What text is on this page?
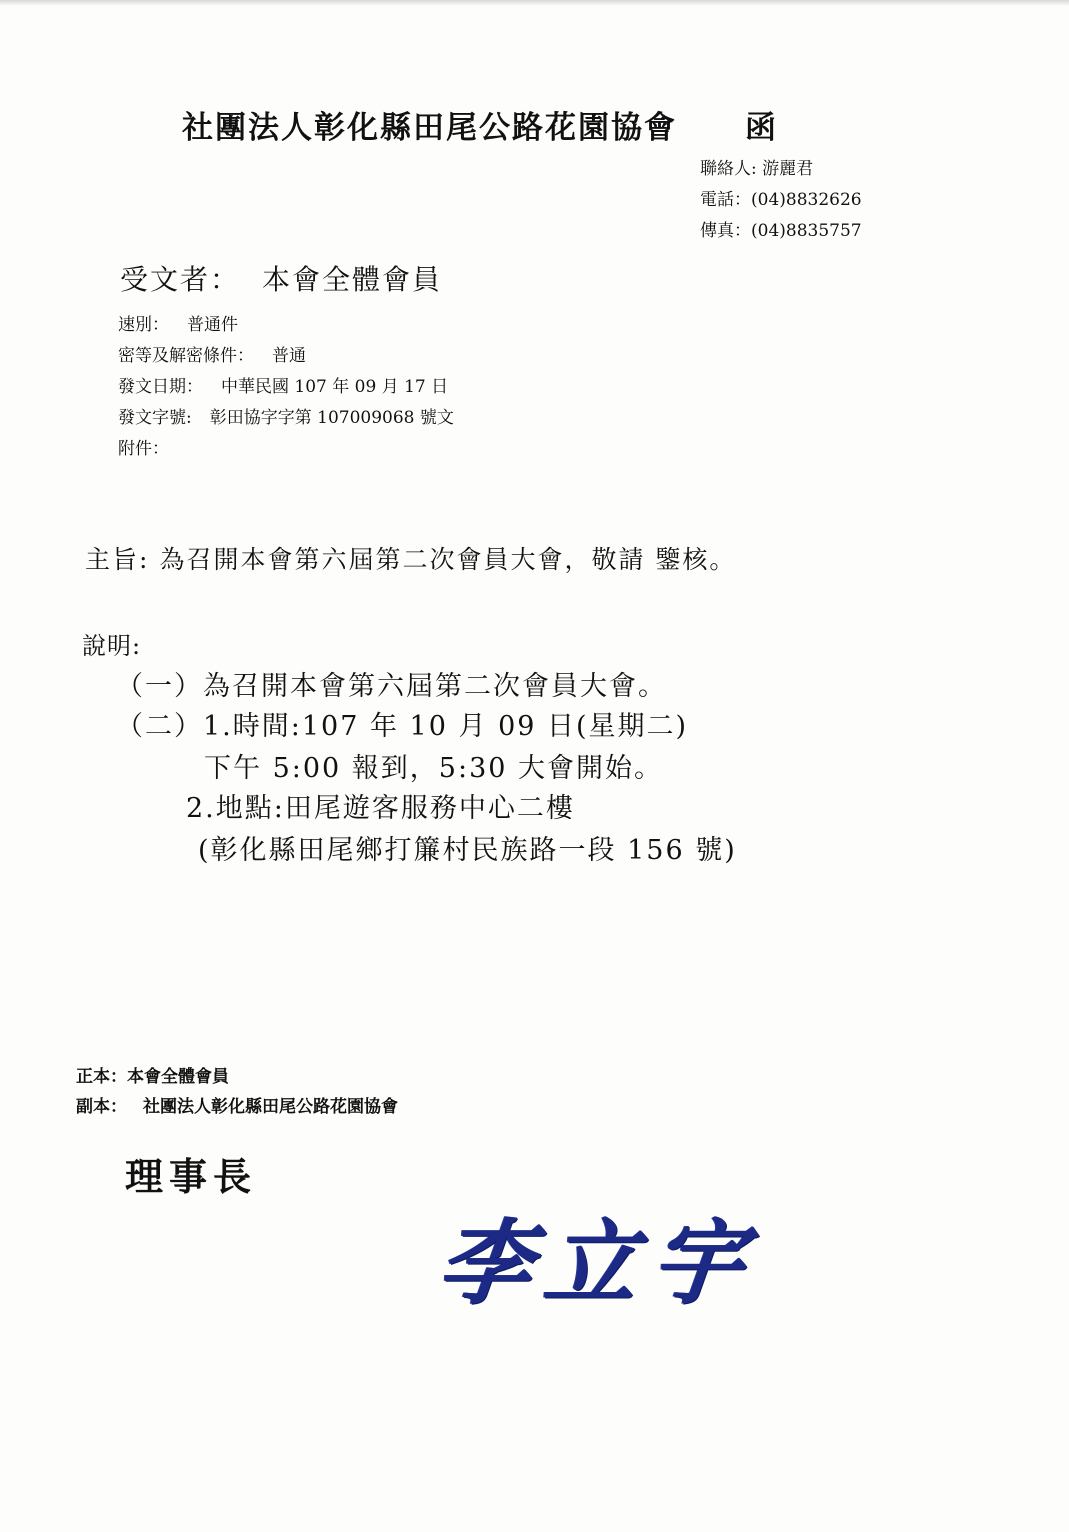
社團法人彰化縣田尾公路花園協會 函
聯絡人: 游麗君
電話：(04)8832626
傳真：(04)8835757
受文者： 本會全體會員
速別： 普通件
密等及解密條件： 普通
發文日期： 中華民國 107 年 09 月 17 日
發文字號: 彰田協字字第 107009068 號文
附件：
主旨: 為召開本會第六屆第二次會員大會，敬請 鑒核。
說明:
（一）為召開本會第六屆第二次會員大會。
（二）1.時間:107 年 10 月 09 日(星期二)
下午 5:00 報到，5:30 大會開始。
2.地點:田尾遊客服務中心二樓
(彰化縣田尾鄉打簾村民族路一段 156 號)
正本：本會全體會員
副本： 社團法人彰化縣田尾公路花園協會
理事長
李立宇
